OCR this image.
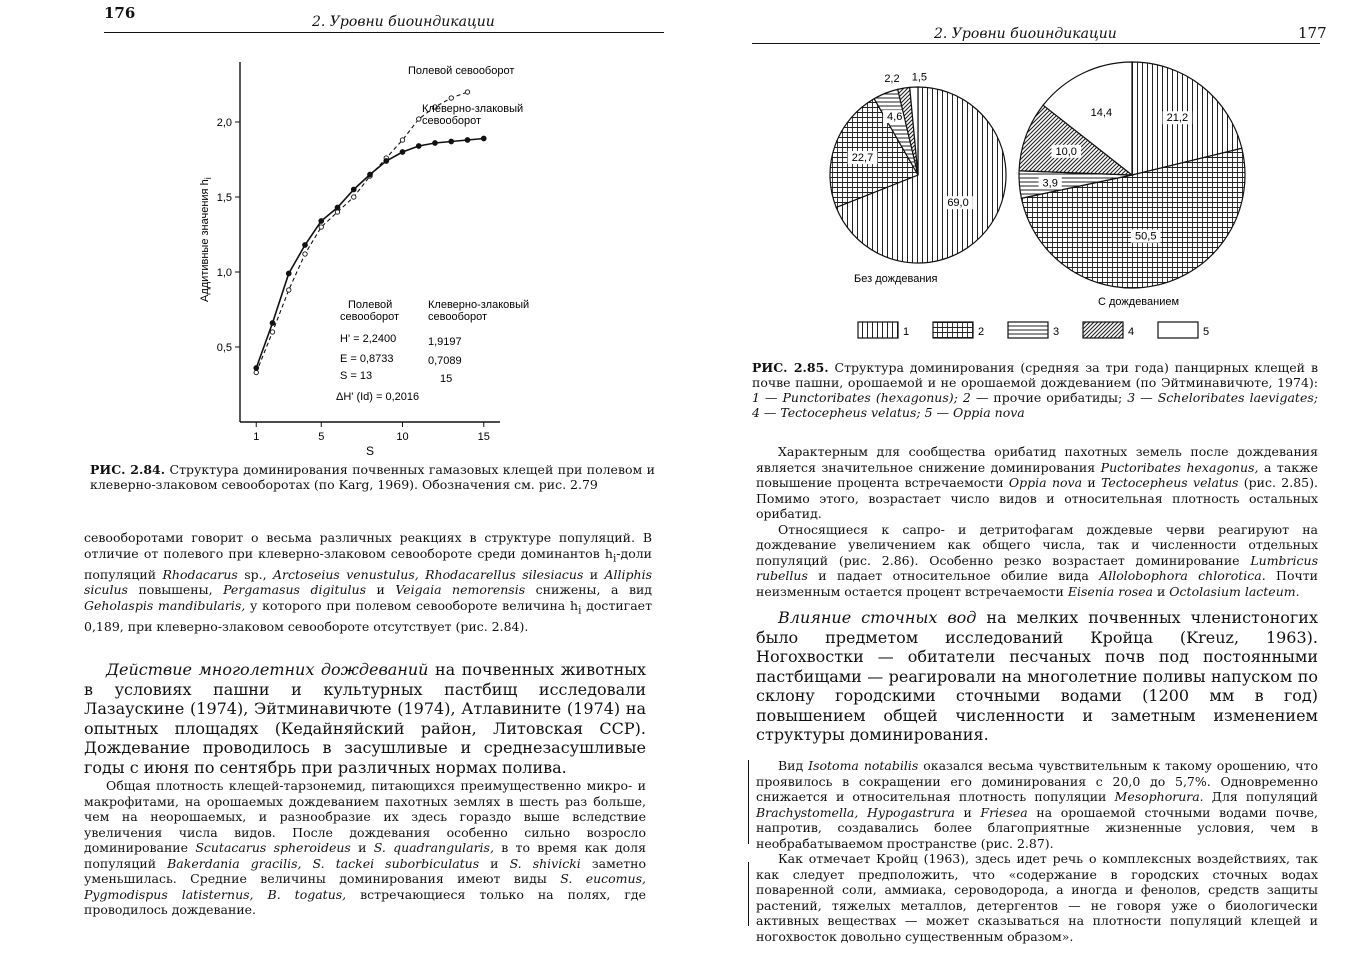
176	2. Уровни биоиндикации
1	5	10	15
0,5
1,0
1,5
2,0
Аддитивные значения $h_i$
S
Полевой севооборот
Клеверно-злаковый
севооборот
Полевой
севооборот
Клеверно-злаковый
севооборот
H' = 2,2400	1,9197
E = 0,8733	0,7089
S = 13	15
ΔH' (Id) = 0,2016
РИС. 2.84. Структура доминирования почвенных гамазовых клещей при полевом и клеверно-злаковом севооборотах (по Karg, 1969). Обозначения см. рис. 2.79

севооборотами говорит о весьма различных реакциях в структуре популяций. В отличие от полевого при клеверно-злаковом севообороте среди доминантов $h_i$-доли популяций Rhodacarus sp., Arctoseius venustulus, Rhodacarellus silesiacus и Alliphis siculus повышены, Pergamasus digitulus и Veigaia nemorensis снижены, а вид Geholaspis mandibularis, у которого при полевом севообороте величина $h_i$ достигает 0,189, при клеверно-злаковом севообороте отсутствует (рис. 2.84).

Действие многолетних дождеваний на почвенных животных в условиях пашни и культурных пастбищ исследовали Лазаускине (1974), Эйтминавичюте (1974), Атлавините (1974) на опытных площадях (Кедайняйский район, Литовская ССР). Дождевание проводилось в засушливые и среднезасушливые годы с июня по сентябрь при различных нормах полива.

Общая плотность клещей-тарзонемид, питающихся преимущественно микро- и макрофитами, на орошаемых дождеванием пахотных землях в шесть раз больше, чем на неорошаемых, и разнообразие их здесь гораздо выше вследствие увеличения числа видов. После дождевания особенно сильно возросло доминирование Scutacarus spheroideus и S. quadrangularis, в то время как доля популяций Bakerdania gracilis, S. tackei suborbiculatus и S. shivicki заметно уменьшилась. Средние величины доминирования имеют виды S. eucomus, Pygmodispus latisternus, B. togatus, встречающиеся только на полях, где проводилось дождевание.

2. Уровни биоиндикации	177
69,0
22,7
4,6
2,2 1,5
21,2
50,5
3,9
10,0
14,4
Без дождевания
С дождеванием
1	2	3	4	5
РИС. 2.85. Структура доминирования (средняя за три года) панцирных клещей в почве пашни, орошаемой и не орошаемой дождеванием (по Эйтминавичюте, 1974): 1 — Punctoribates (hexagonus); 2 — прочие орибатиды; 3 — Scheloribates laevigates; 4 — Tectocepheus velatus; 5 — Oppia nova

Характерным для сообщества орибатид пахотных земель после дождевания является значительное снижение доминирования Puctoribates hexagonus, а также повышение процента встречаемости Oppia nova и Tectocepheus velatus (рис. 2.85). Помимо этого, возрастает число видов и относительная плотность остальных орибатид.

Относящиеся к сапро- и детритофагам дождевые черви реагируют на дождевание увеличением как общего числа, так и численности отдельных популяций (рис. 2.86). Особенно резко возрастает доминирование Lumbricus rubellus и падает относительное обилие вида Allolobophora chlorotica. Почти неизменным остается процент встречаемости Eisenia rosea и Octolasium lacteum.

Влияние сточных вод на мелких почвенных членистоногих было предметом исследований Кройца (Kreuz, 1963). Ногохвостки — обитатели песчаных почв под постоянными пастбищами — реагировали на многолетние поливы напуском по склону городскими сточными водами (1200 мм в год) повышением общей численности и заметным изменением структуры доминирования.

Вид Isotoma notabilis оказался весьма чувствительным к такому орошению, что проявилось в сокращении его доминирования с 20,0 до 5,7%. Одновременно снижается и относительная плотность популяции Mesophorura. Для популяций Brachystomella, Hypogastrura и Friesea на орошаемой сточными водами почве, напротив, создавались более благоприятные жизненные условия, чем в необрабатываемом пространстве (рис. 2.87).

Как отмечает Кройц (1963), здесь идет речь о комплексных воздействиях, так как следует предположить, что «содержание в городских сточных водах поваренной соли, аммиака, сероводорода, а иногда и фенолов, средств защиты растений, тяжелых металлов, детергентов — не говоря уже о биологически активных веществах — может сказываться на плотности популяций клещей и ногохвосток довольно существенным образом».
